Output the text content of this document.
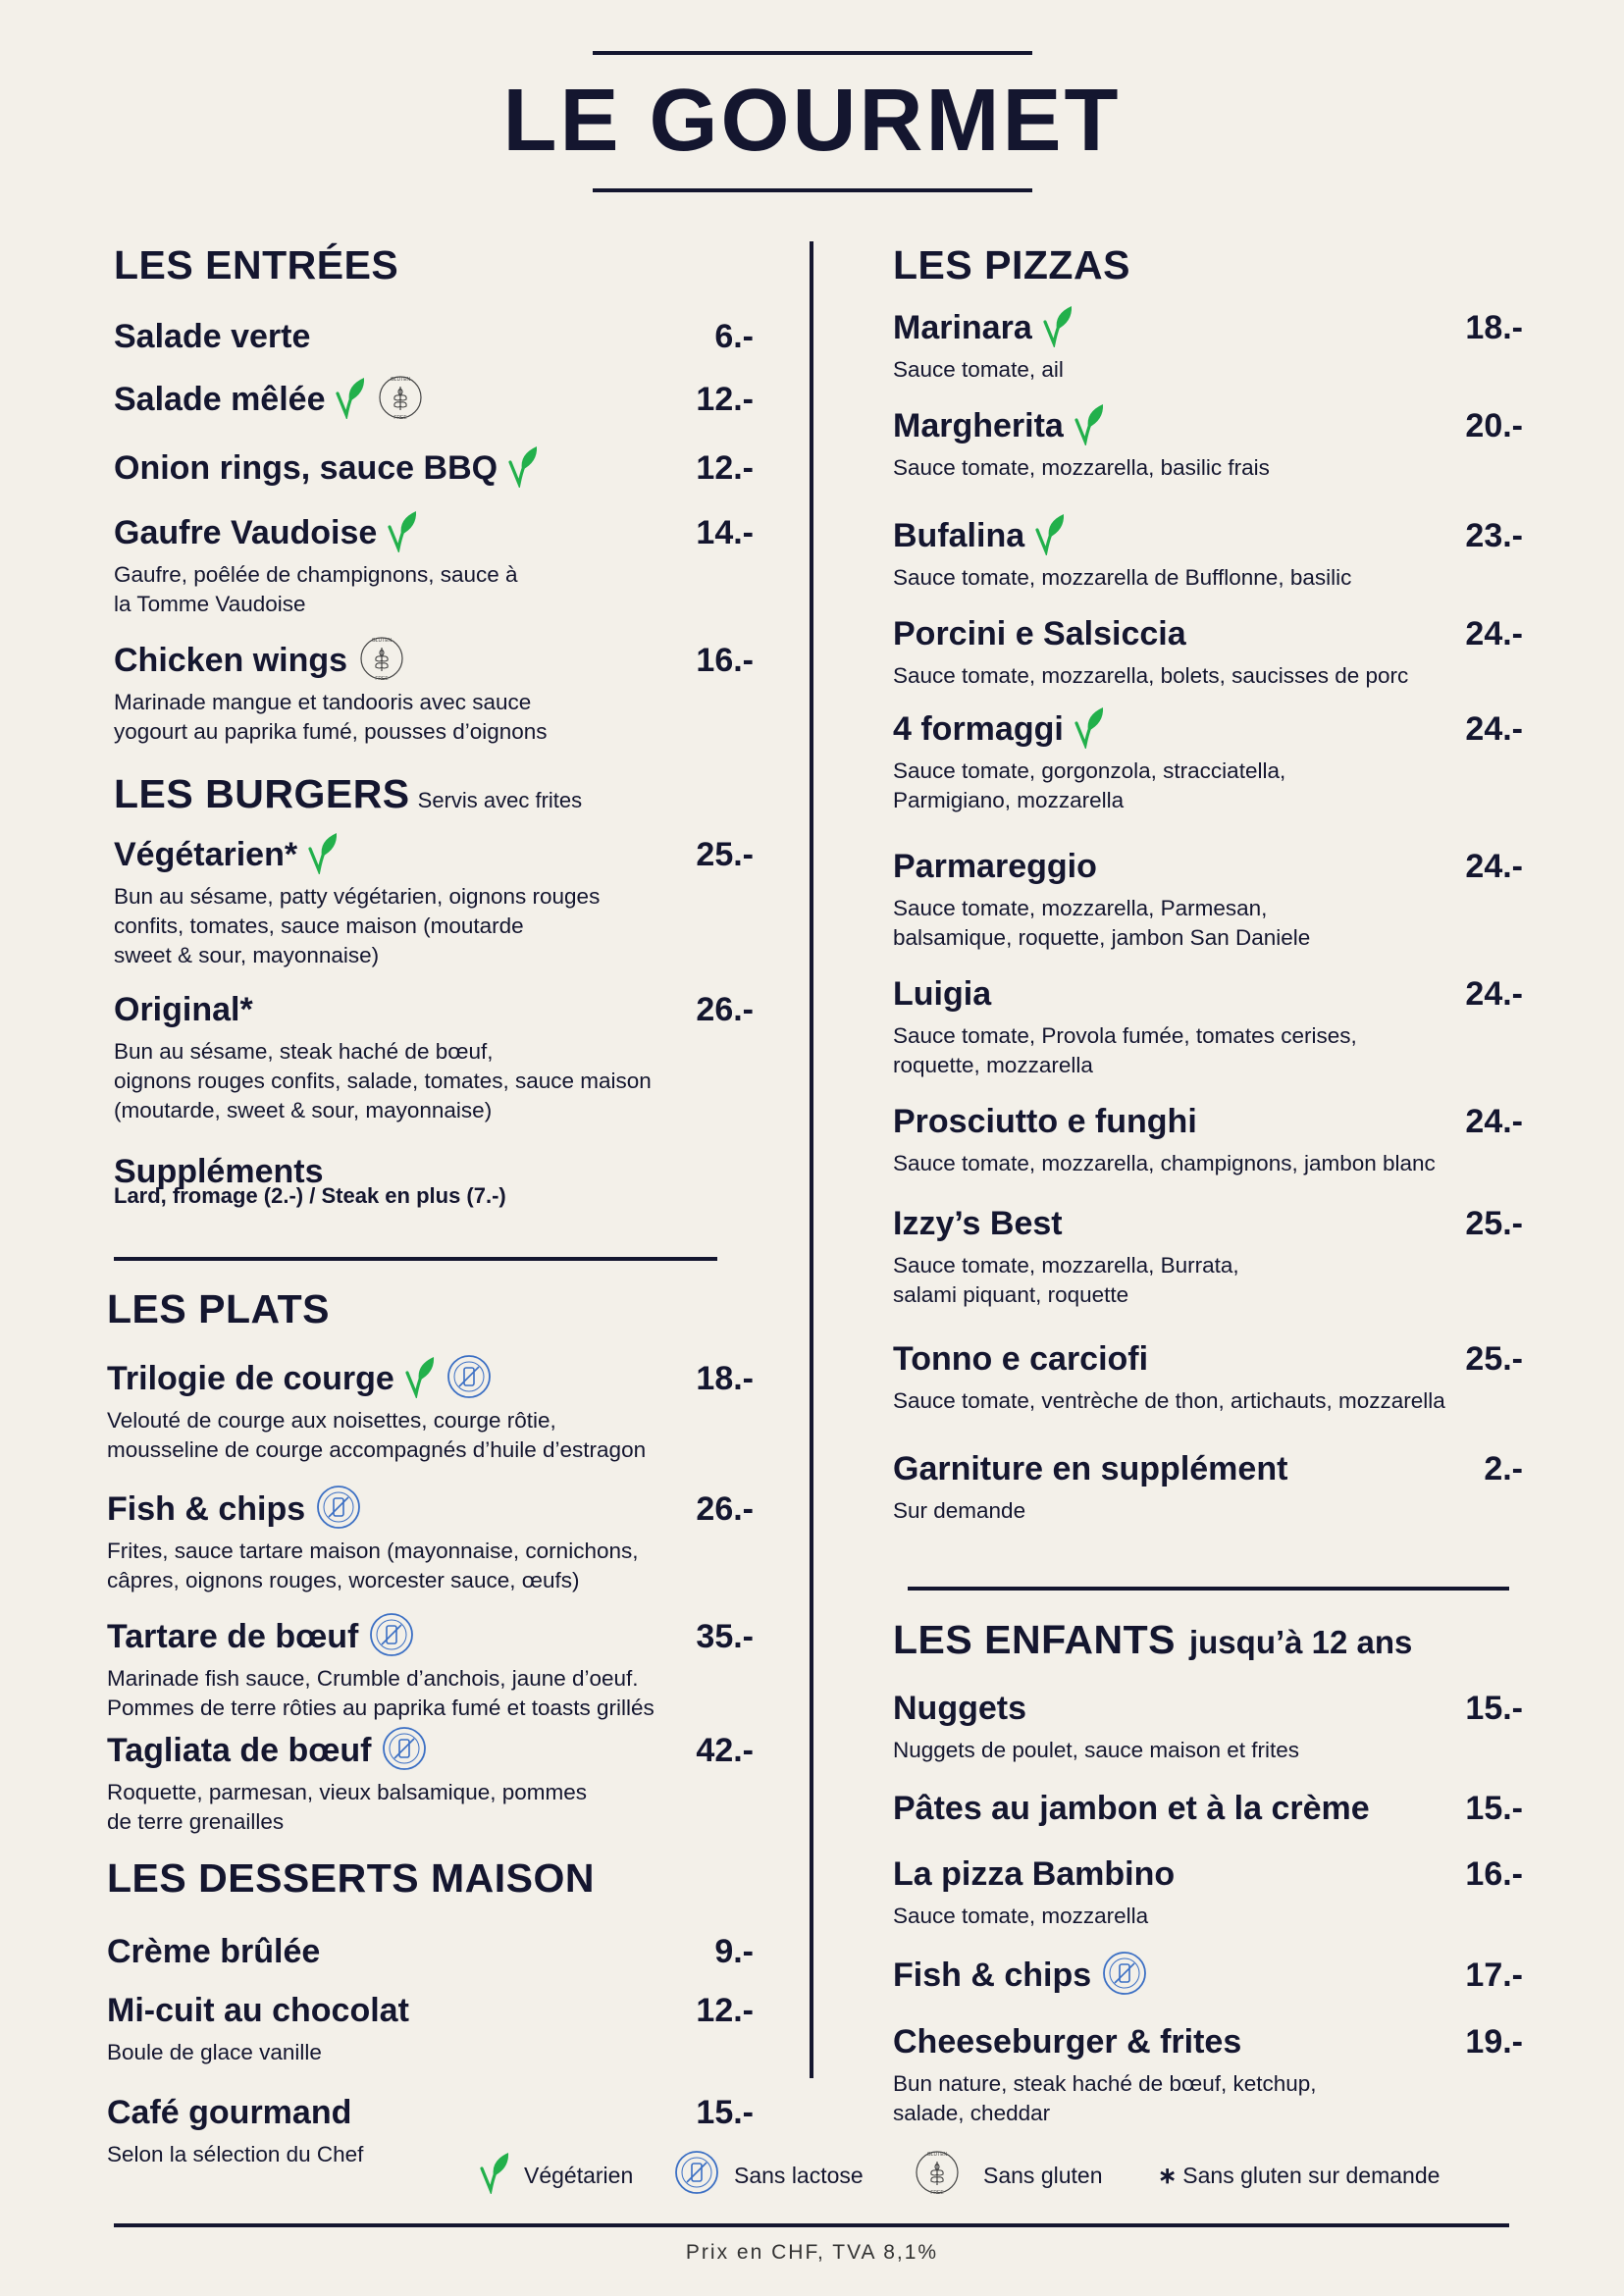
LE GOURMET
LES ENTRÉES
Salade verte	6.-
Salade mêlée
GLUTEN
FREE	12.-
Onion rings, sauce BBQ	12.-
Gaufre Vaudoise	14.-
Gaufre, poêlée de champignons, sauce à
la Tomme Vaudoise
Chicken wings
GLUTEN
FREE	16.-
Marinade mangue et tandooris avec sauce
yogourt au paprika fumé, pousses d’oignons
LES BURGERS Servis avec frites
Végétarien*	25.-
Bun au sésame, patty végétarien, oignons rouges
confits, tomates, sauce maison (moutarde
sweet & sour, mayonnaise)
Original*	26.-
Bun au sésame, steak haché de bœuf,
oignons rouges confits, salade, tomates, sauce maison
(moutarde, sweet & sour, mayonnaise)
Suppléments
Lard, fromage (2.-) / Steak en plus (7.-)
LES PLATS
Trilogie de courge	18.-
Velouté de courge aux noisettes, courge rôtie,
mousseline de courge accompagnés d’huile d’estragon
Fish & chips	26.-
Frites, sauce tartare maison (mayonnaise, cornichons,
câpres, oignons rouges, worcester sauce, œufs)
Tartare de bœuf	35.-
Marinade fish sauce, Crumble d’anchois, jaune d’oeuf.
Pommes de terre rôties au paprika fumé et toasts grillés
Tagliata de bœuf	42.-
Roquette, parmesan, vieux balsamique, pommes
de terre grenailles
LES DESSERTS MAISON
Crème brûlée	9.-
Mi-cuit au chocolat	12.-
Boule de glace vanille
Café gourmand	15.-
Selon la sélection du Chef
LES PIZZAS
Marinara	18.-
Sauce tomate, ail
Margherita	20.-
Sauce tomate, mozzarella, basilic frais
Bufalina	23.-
Sauce tomate, mozzarella de Bufflonne, basilic
Porcini e Salsiccia	24.-
Sauce tomate, mozzarella, bolets, saucisses de porc
4 formaggi	24.-
Sauce tomate, gorgonzola, stracciatella,
Parmigiano, mozzarella
Parmareggio	24.-
Sauce tomate, mozzarella, Parmesan,
balsamique, roquette, jambon San Daniele
Luigia	24.-
Sauce tomate, Provola fumée, tomates cerises,
roquette, mozzarella
Prosciutto e funghi	24.-
Sauce tomate, mozzarella, champignons, jambon blanc
Izzy’s Best	25.-
Sauce tomate, mozzarella, Burrata,
salami piquant, roquette
Tonno e carciofi	25.-
Sauce tomate, ventrèche de thon, artichauts, mozzarella
Garniture en supplément	2.-
Sur demande
LES ENFANTS jusqu’à 12 ans
Nuggets	15.-
Nuggets de poulet, sauce maison et frites
Pâtes au jambon et à la crème	15.-
La pizza Bambino	16.-
Sauce tomate, mozzarella
Fish & chips	17.-
Cheeseburger & frites	19.-
Bun nature, steak haché de bœuf, ketchup,
salade, cheddar
Végétarien	Sans lactose
GLUTEN
FREE
Sans gluten ∗ Sans gluten sur demande
Prix en CHF, TVA 8,1%
